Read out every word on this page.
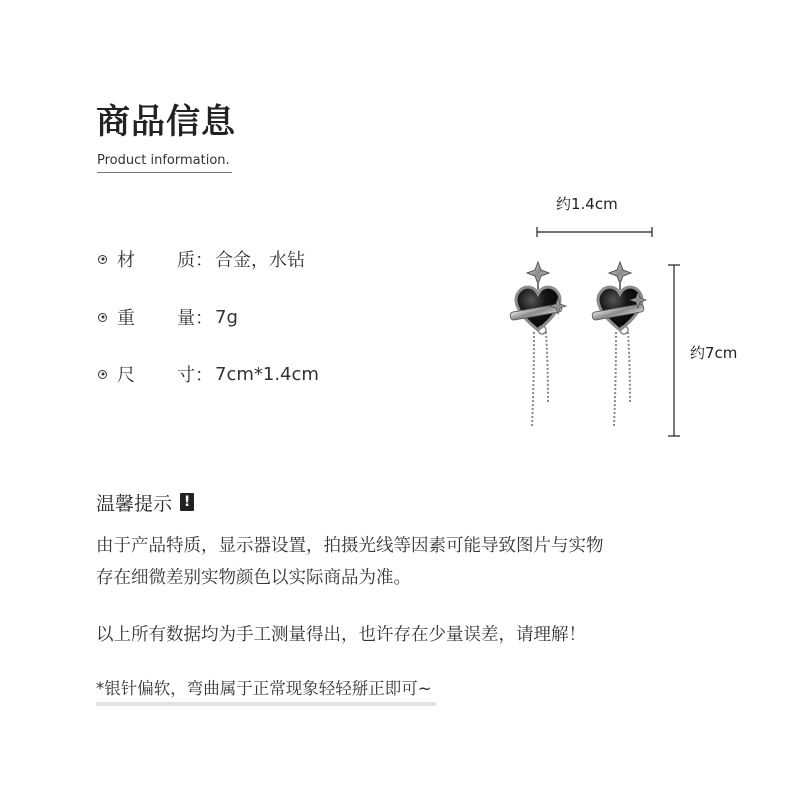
商品信息
Product information.
材　质 ： 合金，水钻
重　量 ： 7g
尺　寸 ： 7cm*1.4cm
约1.4cm
约7cm
温馨提示 !
由于产品特质，显示器设置，拍摄光线等因素可能导致图片与实物
存在细微差别实物颜色以实际商品为准。
以上所有数据均为手工测量得出，也许存在少量误差，请理解！
*银针偏软，弯曲属于正常现象轻轻掰正即可~
